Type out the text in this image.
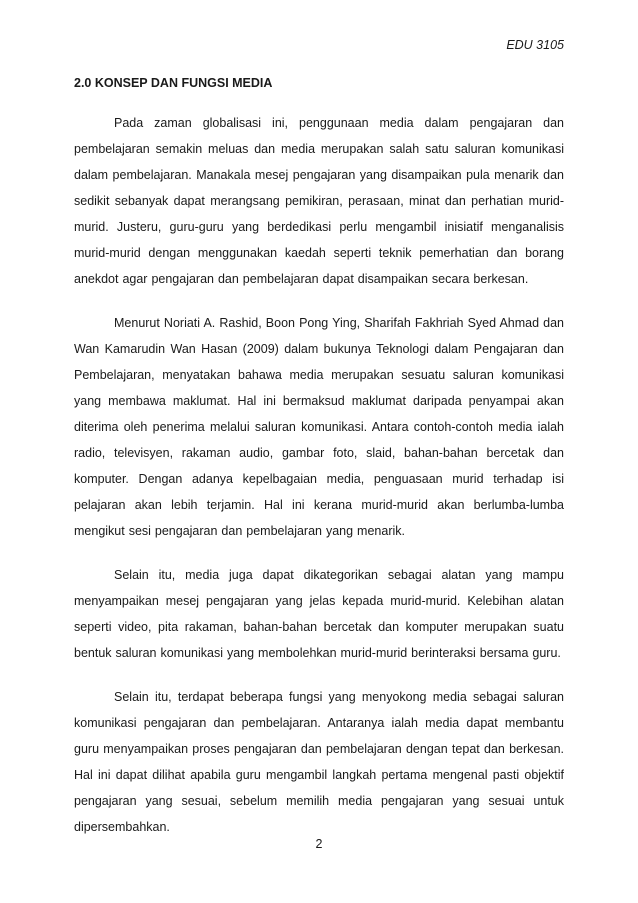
EDU 3105
2.0 KONSEP DAN FUNGSI MEDIA

Pada zaman globalisasi ini, penggunaan media dalam pengajaran dan pembelajaran semakin meluas dan media merupakan salah satu saluran komunikasi dalam pembelajaran. Manakala mesej pengajaran yang disampaikan pula menarik dan sedikit sebanyak dapat merangsang pemikiran, perasaan, minat dan perhatian murid-murid. Justeru, guru-guru yang berdedikasi perlu mengambil inisiatif menganalisis murid-murid dengan menggunakan kaedah seperti teknik pemerhatian dan borang anekdot agar pengajaran dan pembelajaran dapat disampaikan secara berkesan.

Menurut Noriati A. Rashid, Boon Pong Ying, Sharifah Fakhriah Syed Ahmad dan Wan Kamarudin Wan Hasan (2009) dalam bukunya Teknologi dalam Pengajaran dan Pembelajaran, menyatakan bahawa media merupakan sesuatu saluran komunikasi yang membawa maklumat. Hal ini bermaksud maklumat daripada penyampai akan diterima oleh penerima melalui saluran komunikasi. Antara contoh-contoh media ialah radio, televisyen, rakaman audio, gambar foto, slaid, bahan-bahan bercetak dan komputer. Dengan adanya kepelbagaian media, penguasaan murid terhadap isi pelajaran akan lebih terjamin. Hal ini kerana murid-murid akan berlumba-lumba mengikut sesi pengajaran dan pembelajaran yang menarik.

Selain itu, media juga dapat dikategorikan sebagai alatan yang mampu menyampaikan mesej pengajaran yang jelas kepada murid-murid. Kelebihan alatan seperti video, pita rakaman, bahan-bahan bercetak dan komputer merupakan suatu bentuk saluran komunikasi yang membolehkan murid-murid berinteraksi bersama guru.

Selain itu, terdapat beberapa fungsi yang menyokong media sebagai saluran komunikasi pengajaran dan pembelajaran. Antaranya ialah media dapat membantu guru menyampaikan proses pengajaran dan pembelajaran dengan tepat dan berkesan. Hal ini dapat dilihat apabila guru mengambil langkah pertama mengenal pasti objektif pengajaran yang sesuai, sebelum memilih media pengajaran yang sesuai untuk dipersembahkan.

2
